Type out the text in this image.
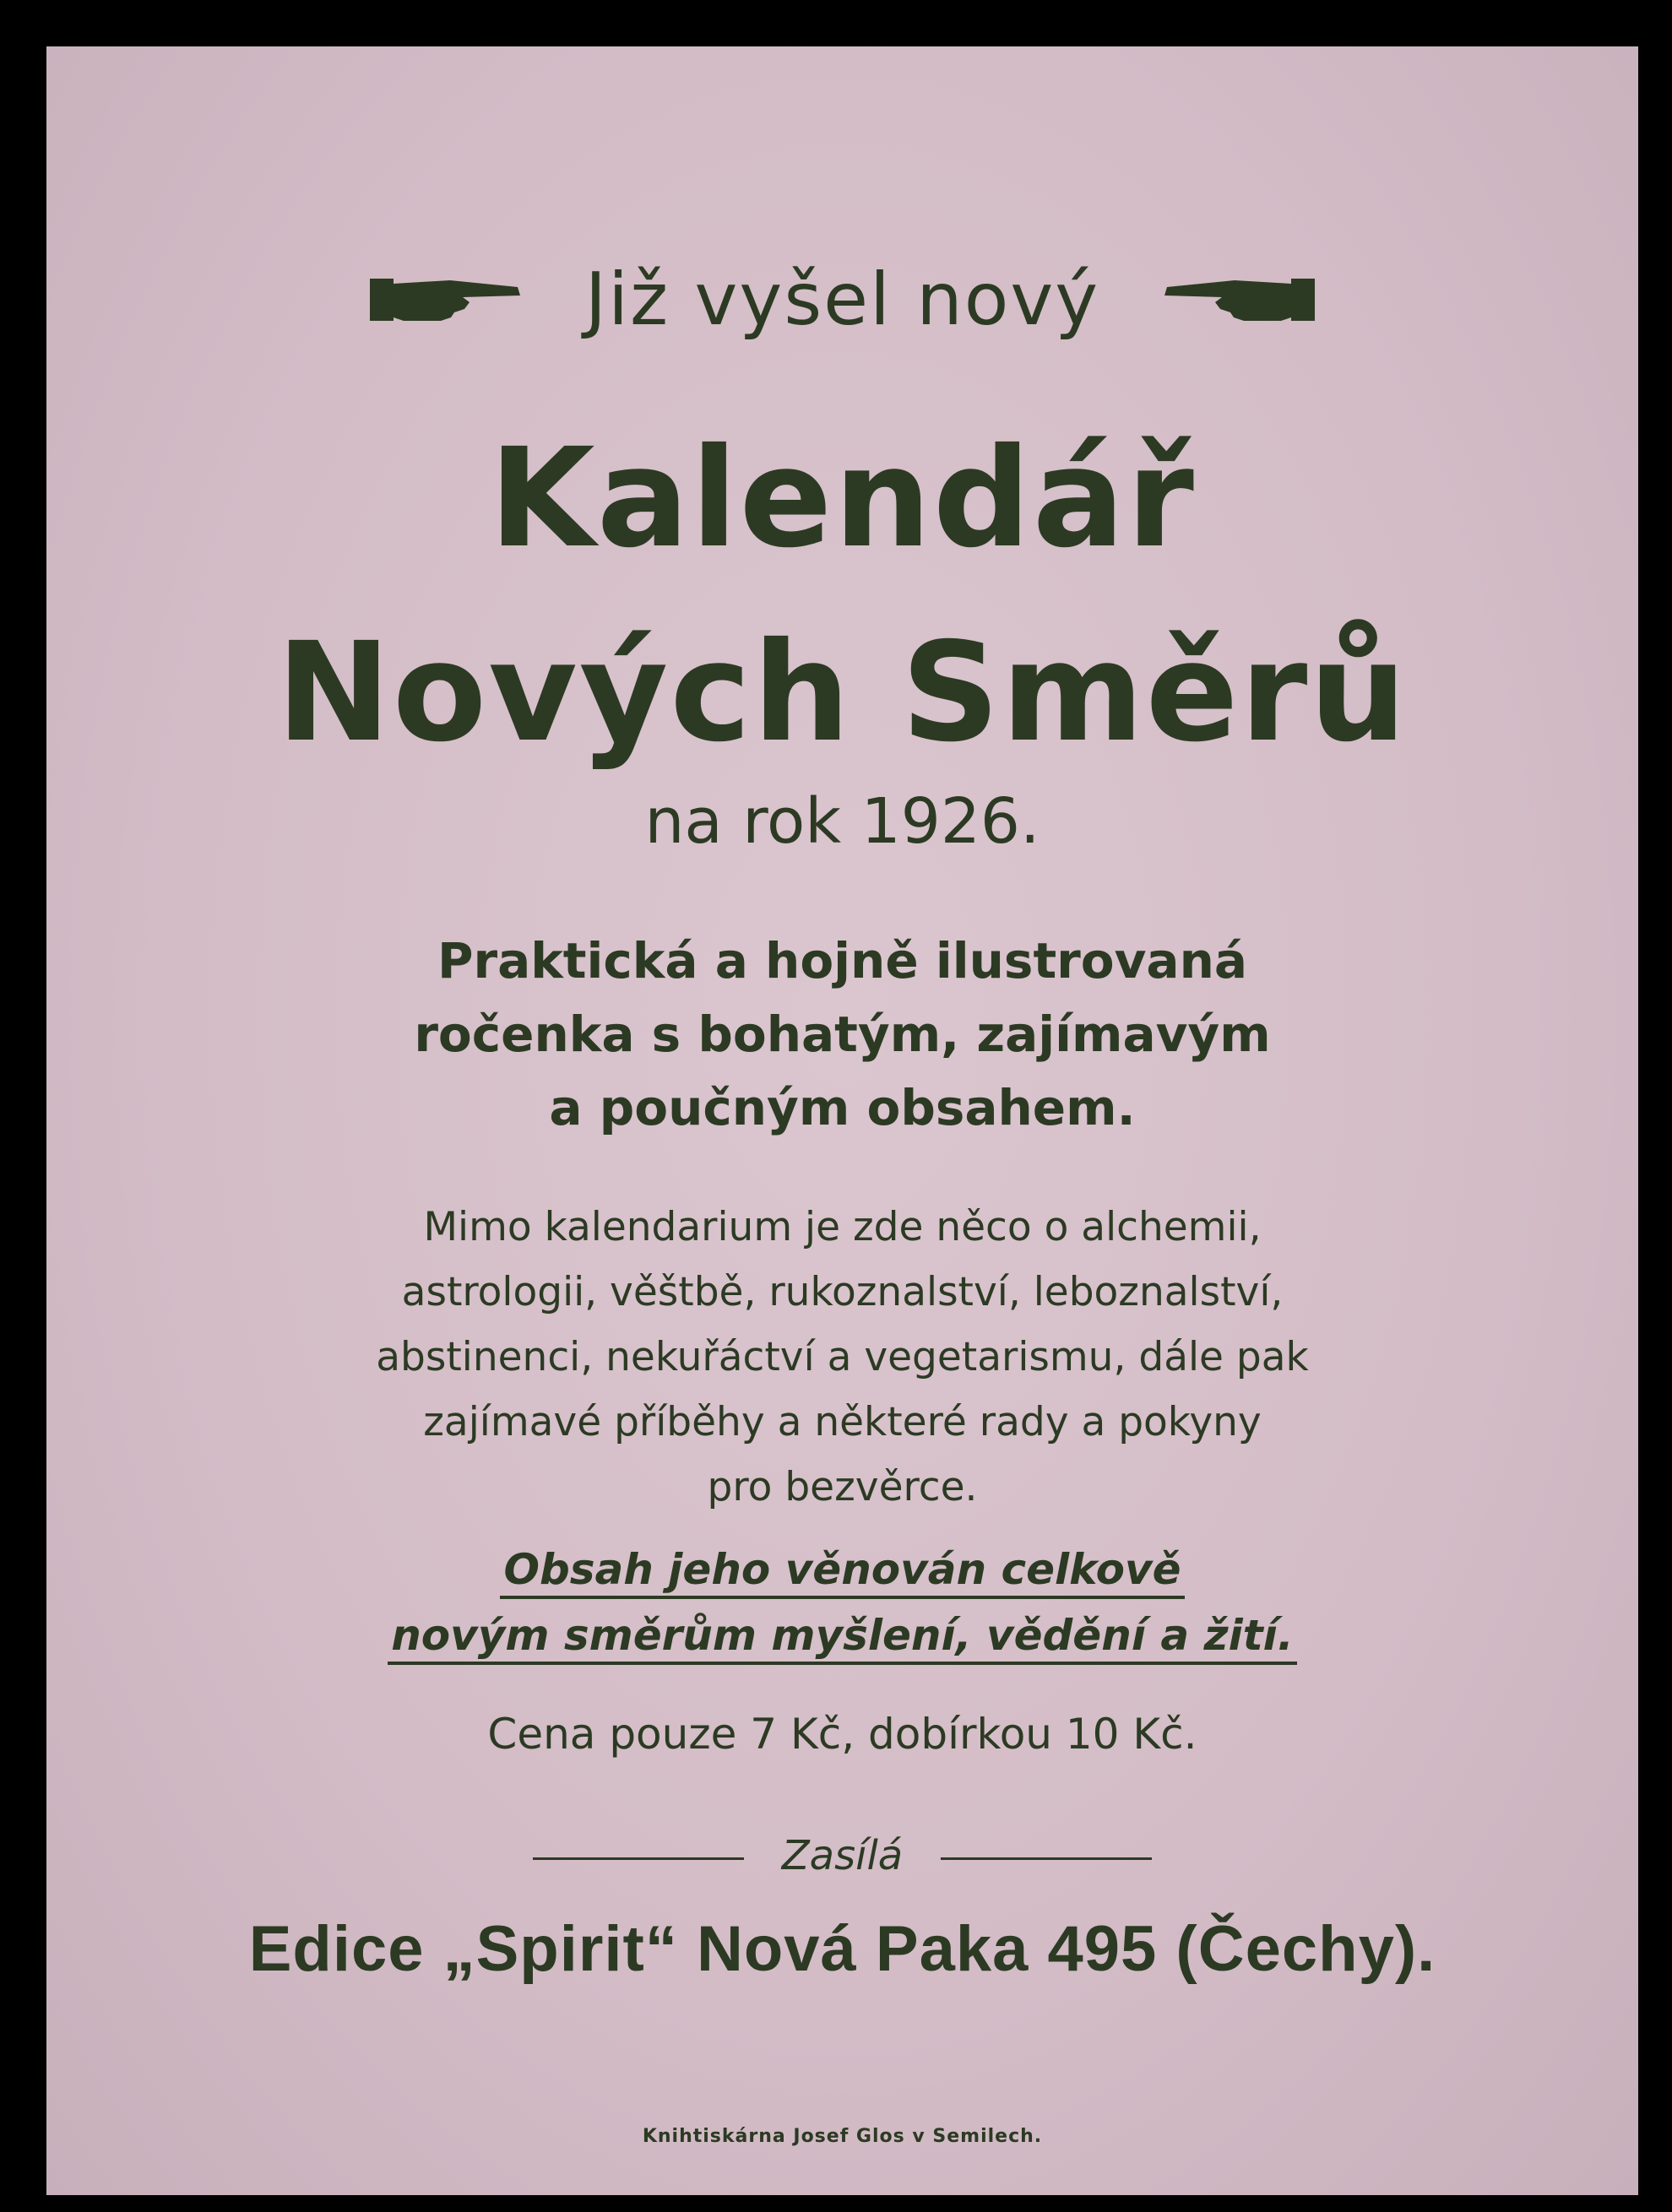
Již vyšel nový
Kalendář
Nových Směrů
na rok 1926.
Praktická a hojně ilustrovaná
ročenka s bohatým, zajímavým
a poučným obsahem.
Mimo kalendarium je zde něco o alchemii,
astrologii, věštbě, rukoznalství, leboznalství,
abstinenci, nekuřáctví a vegetarismu, dále pak
zajímavé příběhy a některé rady a pokyny
pro bezvěrce.
Obsah jeho věnován celkově
novým směrům myšlení, vědění a žití.
Cena pouze 7 Kč, dobírkou 10 Kč.
Zasílá
Edice „Spirit“ Nová Paka 495 (Čechy).
Knihtiskárna Josef Glos v Semilech.
